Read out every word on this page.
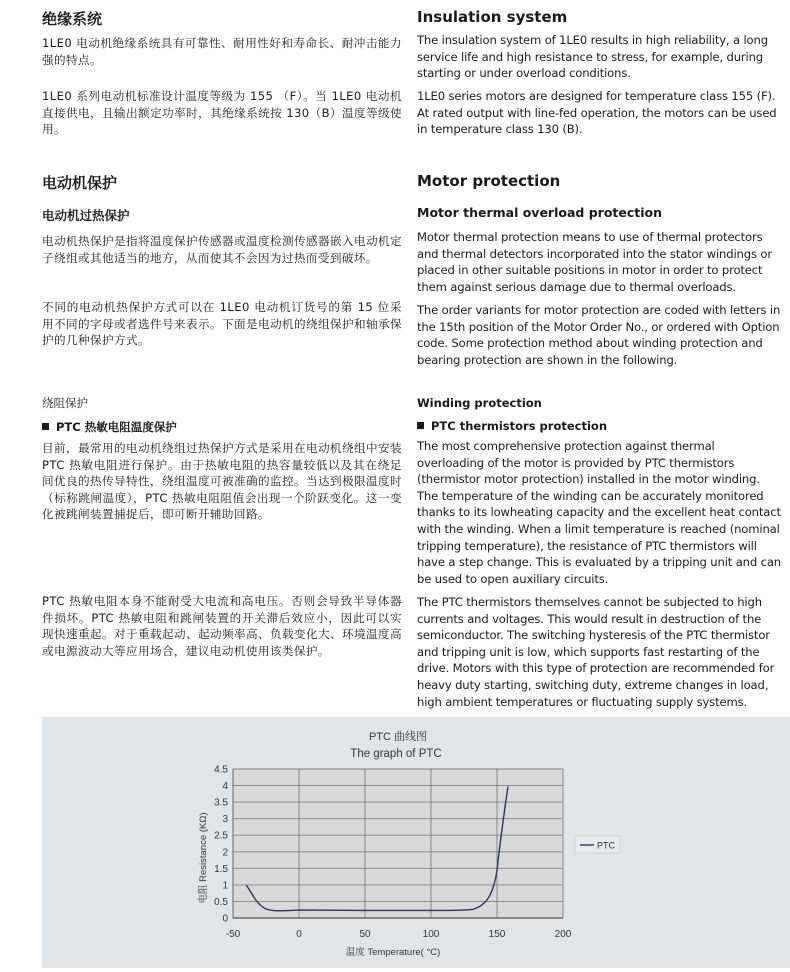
绝缘系统
1LE0 电动机绝缘系统具有可靠性、耐用性好和寿命长、耐冲击能力强的特点。
1LE0 系列电动机标准设计温度等级为 155 （F）。当 1LE0 电动机直接供电，且输出额定功率时，其绝缘系统按 130（B）温度等级使用。
Insulation system
The insulation system of 1LE0 results in high reliability, a long service life and high resistance to stress, for example, during starting or under overload conditions.
1LE0 series motors are designed for temperature class 155 (F). At rated output with line-fed operation, the motors can be used in temperature class 130 (B).
电动机保护
电动机过热保护
电动机热保护是指将温度保护传感器或温度检测传感器嵌入电动机定子绕组或其他适当的地方，从而使其不会因为过热而受到破坏。
不同的电动机热保护方式可以在 1LE0 电动机订货号的第 15 位采用不同的字母或者选件号来表示。下面是电动机的绕组保护和轴承保护的几种保护方式。
Motor protection
Motor thermal overload protection
Motor thermal protection means to use of thermal protectors and thermal detectors incorporated into the stator windings or placed in other suitable positions in motor in order to protect them against serious damage due to thermal overloads.
The order variants for motor protection are coded with letters in the 15th position of the Motor Order No., or ordered with Option code. Some protection method about winding protection and bearing protection are shown in the following.
绕阻保护
PTC 热敏电阻温度保护
目前，最常用的电动机绕组过热保护方式是采用在电动机绕组中安装 PTC 热敏电阻进行保护。由于热敏电阻的热容量较低以及其在绕足间优良的热传导特性，绕组温度可被准确的监控。当达到极限温度时（标称跳闸温度），PTC 热敏电阻阻值会出现一个阶跃变化。这一变化被跳闸装置捕捉后，即可断开辅助回路。
PTC 热敏电阻本身不能耐受大电流和高电压。否则会导致半导体器件损坏。PTC 热敏电阻和跳闸装置的开关滞后效应小，因此可以实现快速重起。对于重载起动、起动频率高、负载变化大、环境温度高或电源波动大等应用场合，建议电动机使用该类保护。
Winding protection
PTC thermistors protection
The most comprehensive protection against thermal overloading of the motor is provided by PTC thermistors (thermistor motor protection) installed in the motor winding. The temperature of the winding can be accurately monitored thanks to its lowheating capacity and the excellent heat contact with the winding. When a limit temperature is reached (nominal tripping temperature), the resistance of PTC thermistors will have a step change. This is evaluated by a tripping unit and can be used to open auxiliary circuits.
The PTC thermistors themselves cannot be subjected to high currents and voltages. This would result in destruction of the semiconductor. The switching hysteresis of the PTC thermistor and tripping unit is low, which supports fast restarting of the drive. Motors with this type of protection are recommended for heavy duty starting, switching duty, extreme changes in load, high ambient temperatures or fluctuating supply systems.
PTC 曲线图
The graph of PTC
0
0.5
1
1.5
2
2.5
3
3.5
4
4.5
-50	0	50	100	150	200
温度 Temperature( °C)
电阻 Resistance (KΩ)	PTC
